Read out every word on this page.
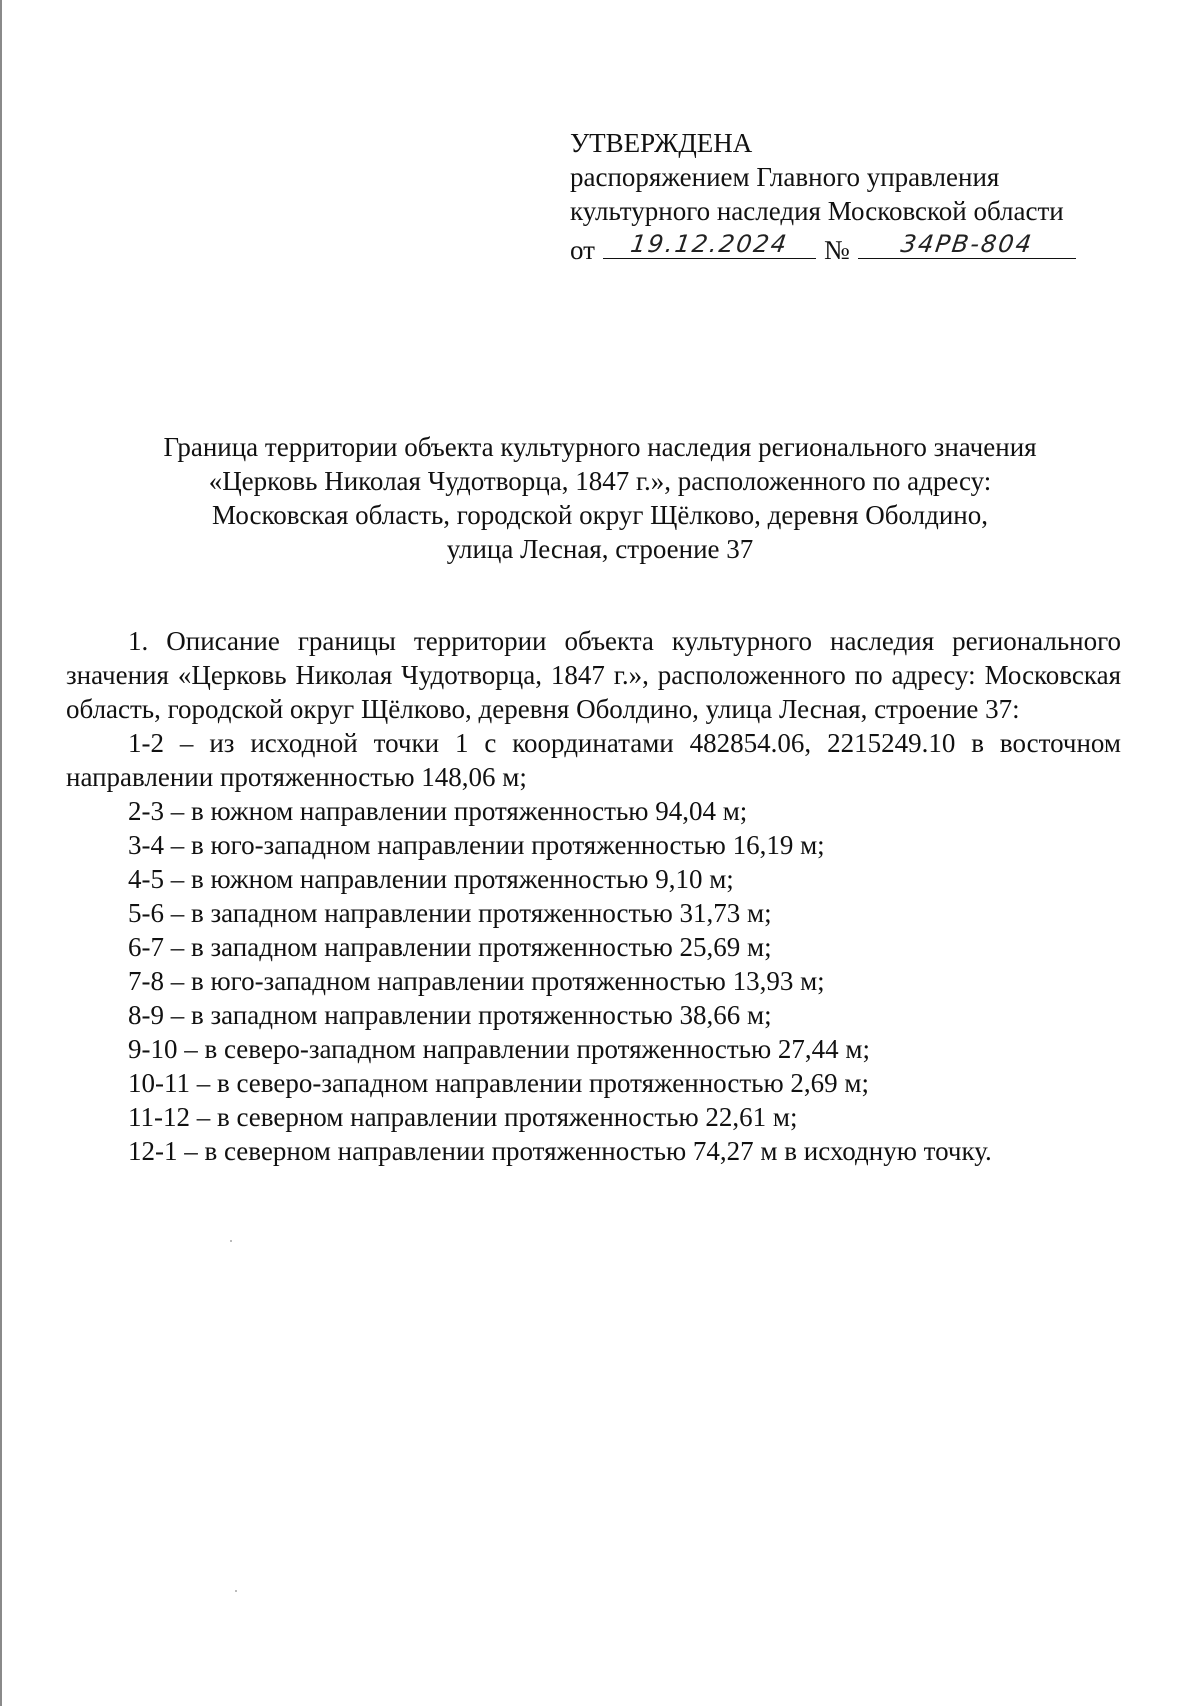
УТВЕРЖДЕНА
распоряжением Главного управления
культурного наследия Московской области
от	19.12.2024	№	34РВ-804
Граница территории объекта культурного наследия регионального значения
«Церковь Николая Чудотворца, 1847 г.», расположенного по адресу:
Московская область, городской округ Щёлково, деревня Оболдино,
улица Лесная, строение 37

1. Описание границы территории объекта культурного наследия регионального значения «Церковь Николая Чудотворца, 1847 г.», расположенного по адресу: Московская область, городской округ Щёлково, деревня Оболдино, улица Лесная, строение 37:

1-2 – из исходной точки 1 с координатами 482854.06, 2215249.10 в восточном направлении протяженностью 148,06 м;

2-3 – в южном направлении протяженностью 94,04 м;

3-4 – в юго-западном направлении протяженностью 16,19 м;

4-5 – в южном направлении протяженностью 9,10 м;

5-6 – в западном направлении протяженностью 31,73 м;

6-7 – в западном направлении протяженностью 25,69 м;

7-8 – в юго-западном направлении протяженностью 13,93 м;

8-9 – в западном направлении протяженностью 38,66 м;

9-10 – в северо-западном направлении протяженностью 27,44 м;

10-11 – в северо-западном направлении протяженностью 2,69 м;

11-12 – в северном направлении протяженностью 22,61 м;

12-1 – в северном направлении протяженностью 74,27 м в исходную точку.
